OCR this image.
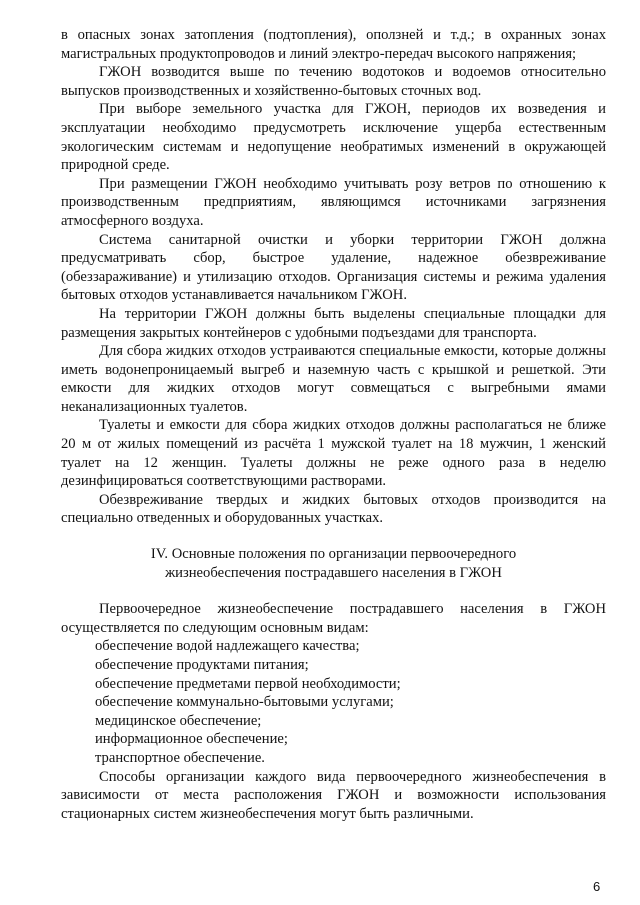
в опасных зонах затопления (подтопления), оползней и т.д.; в охранных зонах магистральных продуктопроводов и линий электро-передач высокого напряжения;

ГЖОН возводится выше по течению водотоков и водоемов относительно выпусков производственных и хозяйственно-бытовых сточных вод.

При выборе земельного участка для ГЖОН, периодов их возведения и эксплуатации необходимо предусмотреть исключение ущерба естественным экологическим системам и недопущение необратимых изменений в окружающей природной среде.

При размещении ГЖОН необходимо учитывать розу ветров по отношению к производственным предприятиям, являющимся источниками загрязнения атмосферного воздуха.

Система санитарной очистки и уборки территории ГЖОН должна предусматривать сбор, быстрое удаление, надежное обезвреживание (обеззараживание) и утилизацию отходов. Организация системы и режима удаления бытовых отходов устанавливается начальником ГЖОН.

На территории ГЖОН должны быть выделены специальные площадки для размещения закрытых контейнеров с удобными подъездами для транспорта.

Для сбора жидких отходов устраиваются специальные емкости, которые должны иметь водонепроницаемый выгреб и наземную часть с крышкой и решеткой. Эти емкости для жидких отходов могут совмещаться с выгребными ямами неканализационных туалетов.

Туалеты и емкости для сбора жидких отходов должны располагаться не ближе 20 м от жилых помещений из расчёта 1 мужской туалет на 18 мужчин, 1 женский туалет на 12 женщин. Туалеты должны не реже одного раза в неделю дезинфицироваться соответствующими растворами.

Обезвреживание твердых и жидких бытовых отходов производится на специально отведенных и оборудованных участках.

IV. Основные положения по организации первоочередного
жизнеобеспечения пострадавшего населения в ГЖОН

Первоочередное жизнеобеспечение пострадавшего населения в ГЖОН осуществляется по следующим основным видам:

обеспечение водой надлежащего качества;
обеспечение продуктами питания;
обеспечение предметами первой необходимости;
обеспечение коммунально-бытовыми услугами;
медицинское обеспечение;
информационное обеспечение;
транспортное обеспечение.

Способы организации каждого вида первоочередного жизнеобеспечения в зависимости от места расположения ГЖОН и возможности использования стационарных систем жизнеобеспечения могут быть различными.

6
